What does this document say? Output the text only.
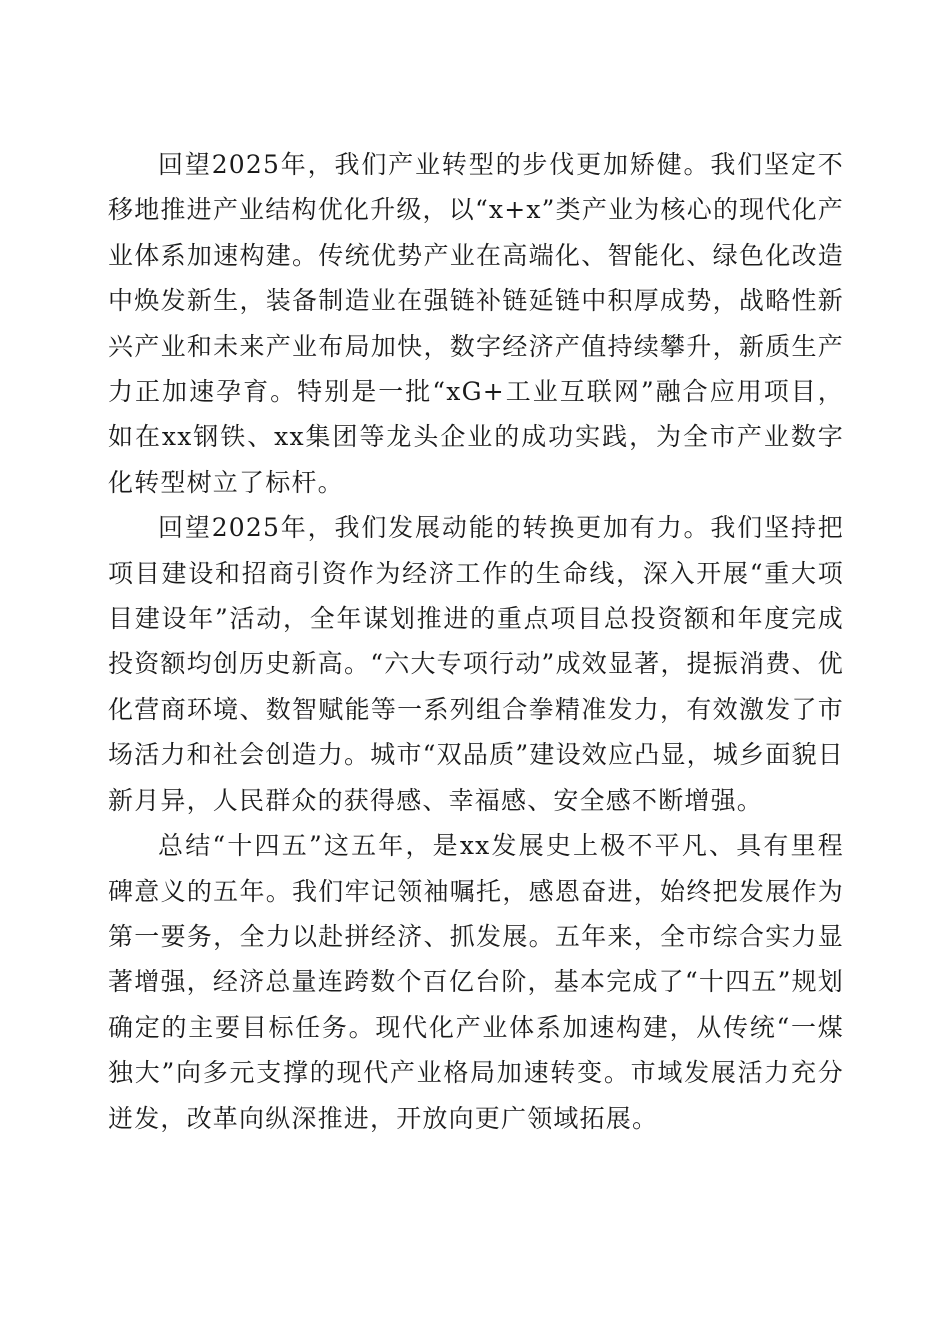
回望2025年，我们产业转型的步伐更加矫健。我们坚定不移地推进产业结构优化升级，以“x+x”类产业为核心的现代化产业体系加速构建。传统优势产业在高端化、智能化、绿色化改造中焕发新生，装备制造业在强链补链延链中积厚成势，战略性新兴产业和未来产业布局加快，数字经济产值持续攀升，新质生产力正加速孕育。特别是一批“xG+工业互联网”融合应用项目，如在xx钢铁、xx集团等龙头企业的成功实践，为全市产业数字化转型树立了标杆。

回望2025年，我们发展动能的转换更加有力。我们坚持把项目建设和招商引资作为经济工作的生命线，深入开展“重大项目建设年”活动，全年谋划推进的重点项目总投资额和年度完成投资额均创历史新高。“六大专项行动”成效显著，提振消费、优化营商环境、数智赋能等一系列组合拳精准发力，有效激发了市场活力和社会创造力。城市“双品质”建设效应凸显，城乡面貌日新月异，人民群众的获得感、幸福感、安全感不断增强。

总结“十四五”这五年，是xx发展史上极不平凡、具有里程碑意义的五年。我们牢记领袖嘱托，感恩奋进，始终把发展作为第一要务，全力以赴拼经济、抓发展。五年来，全市综合实力显著增强，经济总量连跨数个百亿台阶，基本完成了“十四五”规划确定的主要目标任务。现代化产业体系加速构建，从传统“一煤独大”向多元支撑的现代产业格局加速转变。市域发展活力充分迸发，改革向纵深推进，开放向更广领域拓展。
